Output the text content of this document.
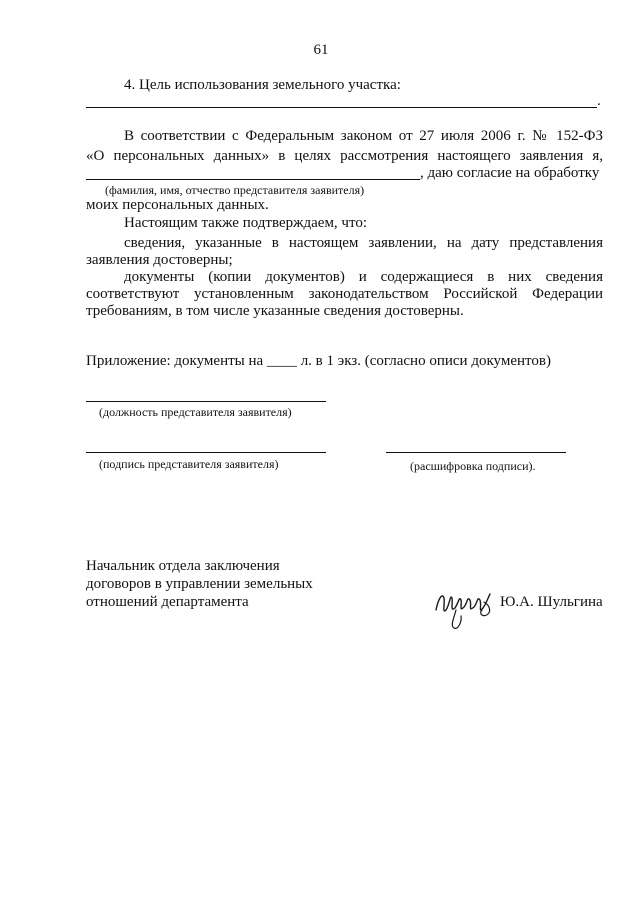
61
4. Цель использования земельного участка:
.
В соответствии с Федеральным законом от 27 июля 2006 г. № 152-ФЗ
«О персональных данных» в целях рассмотрения настоящего заявления я,
, даю согласие на обработку
(фамилия, имя, отчество представителя заявителя)
моих персональных данных.
Настоящим также подтверждаем, что:
сведения, указанные в настоящем заявлении, на дату представления
заявления достоверны;
документы (копии документов) и содержащиеся в них сведения
соответствуют установленным законодательством Российской Федерации
требованиям, в том числе указанные сведения достоверны.
Приложение: документы на ____ л. в 1 экз. (согласно описи документов)
(должность представителя заявителя)
(подпись представителя заявителя)	(расшифровка подписи).
Начальник отдела заключения
договоров в управлении земельных
отношений департамента	Ю.А. Шульгина
